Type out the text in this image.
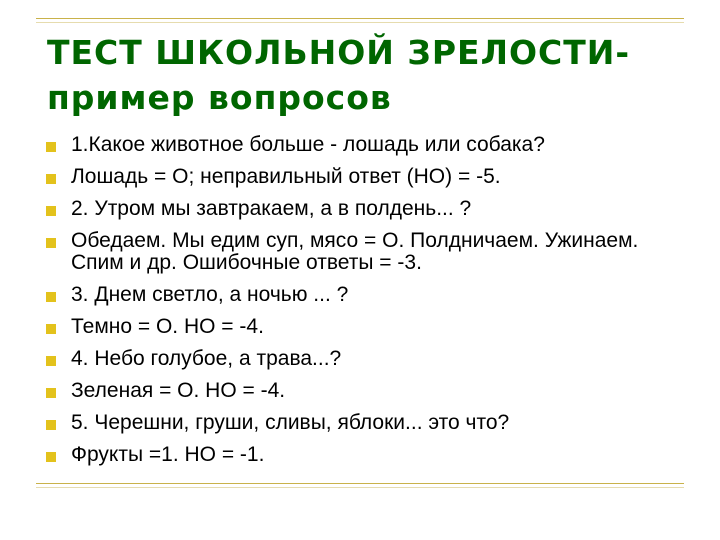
ТЕСТ ШКОЛЬНОЙ ЗРЕЛОСТИ- пример вопросов
1.Какое животное больше - лошадь или собака?
Лошадь = О; неправильный ответ (НО) = -5.
2. Утром мы завтракаем, а в полдень... ?
Обедаем. Мы едим суп, мясо = О. Полдничаем. Ужинаем. Спим и др. Ошибочные ответы = -3.
3. Днем светло, а ночью ... ?
Темно = О. НО = -4.
4. Небо голубое, а трава...?
Зеленая = О. НО = -4.
5. Черешни, груши, сливы, яблоки... это что?
Фрукты =1. НО = -1.
